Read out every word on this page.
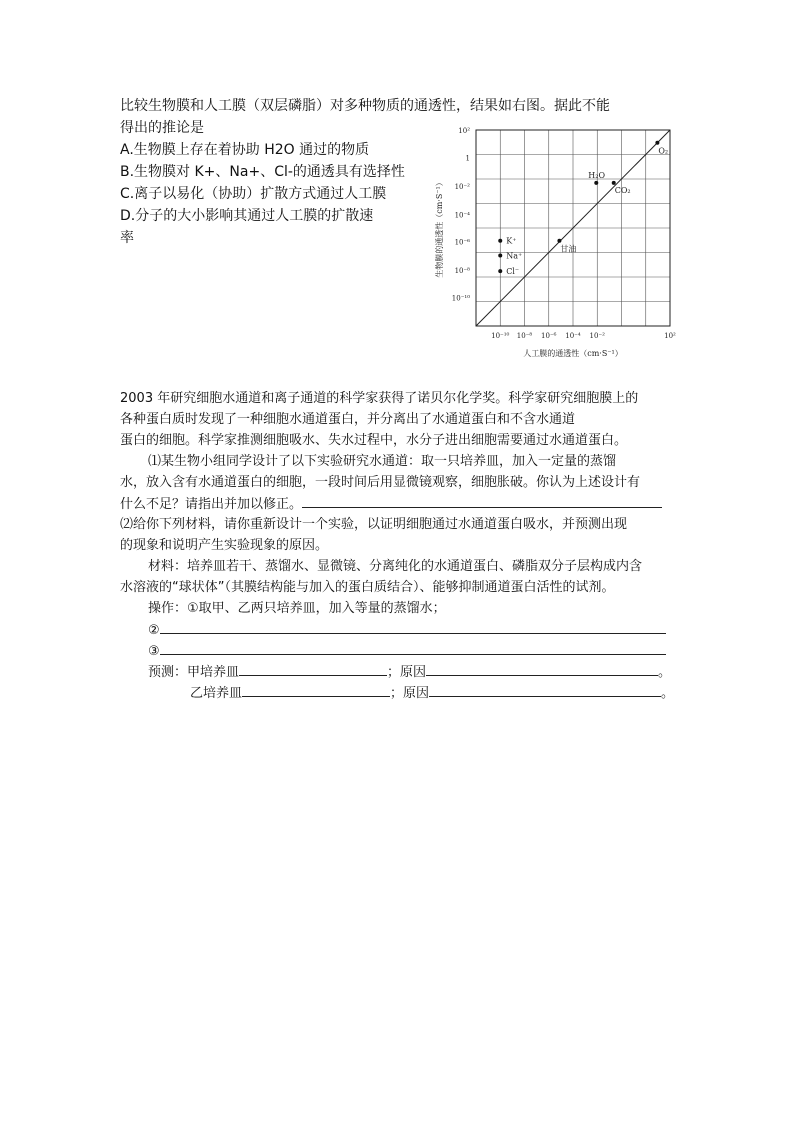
比较生物膜和人工膜（双层磷脂）对多种物质的通透性，结果如右图。据此不能
得出的推论是
A.生物膜上存在着协助 H2O 通过的物质
B.生物膜对 K+、Na+、Cl-的通透具有选择性
C.离子以易化（协助）扩散方式通过人工膜
D.分子的大小影响其通过人工膜的扩散速
率
10²
1
10⁻²
10⁻⁴
10⁻⁶
10⁻⁸
10⁻¹⁰
10⁻¹⁰ 10⁻⁸ 10⁻⁶ 10⁻⁴ 10⁻²	10²
人工膜的通透性（cm·S⁻¹）
生物膜的通透性（cm·S⁻¹）	K⁺
Na⁺
Cl⁻
甘油
H₂O
CO₂
O₂
2003 年研究细胞水通道和离子通道的科学家获得了诺贝尔化学奖。科学家研究细胞膜上的
各种蛋白质时发现了一种细胞水通道蛋白，并分离出了水通道蛋白和不含水通道
蛋白的细胞。科学家推测细胞吸水、失水过程中，水分子进出细胞需要通过水通道蛋白。
⑴某生物小组同学设计了以下实验研究水通道：取一只培养皿，加入一定量的蒸馏
水，放入含有水通道蛋白的细胞，一段时间后用显微镜观察，细胞胀破。你认为上述设计有
什么不足？请指出并加以修正。
⑵给你下列材料，请你重新设计一个实验，以证明细胞通过水通道蛋白吸水，并预测出现
的现象和说明产生实验现象的原因。
材料：培养皿若干、蒸馏水、显微镜、分离纯化的水通道蛋白、磷脂双分子层构成内含
水溶液的“球状体”（其膜结构能与加入的蛋白质结合）、能够抑制通道蛋白活性的试剂。
操作：①取甲、乙两只培养皿，加入等量的蒸馏水；
②
③
预测：甲培养皿	；原因	。
乙培养皿	；原因	。
